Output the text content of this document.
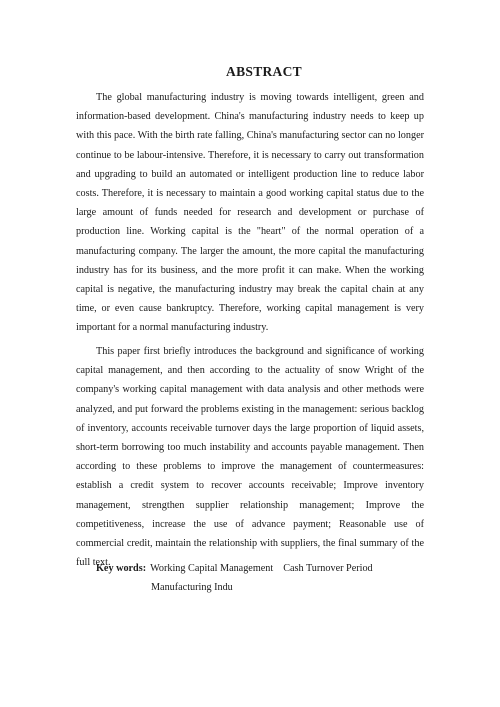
ABSTRACT

The global manufacturing industry is moving towards intelligent, green and information-based development. China's manufacturing industry needs to keep up with this pace. With the birth rate falling, China's manufacturing sector can no longer continue to be labour-intensive. Therefore, it is necessary to carry out transformation and upgrading to build an automated or intelligent production line to reduce labor costs. Therefore, it is necessary to maintain a good working capital status due to the large amount of funds needed for research and development or purchase of production line. Working capital is the "heart" of the normal operation of a manufacturing company. The larger the amount, the more capital the manufacturing industry has for its business, and the more profit it can make. When the working capital is negative, the manufacturing industry may break the capital chain at any time, or even cause bankruptcy. Therefore, working capital management is very important for a normal manufacturing industry.

This paper first briefly introduces the background and significance of working capital management, and then according to the actuality of snow Wright of the company's working capital management with data analysis and other methods were analyzed, and put forward the problems existing in the management: serious backlog of inventory, accounts receivable turnover days the large proportion of liquid assets, short-term borrowing too much instability and accounts payable management. Then according to these problems to improve the management of countermeasures: establish a credit system to recover accounts receivable; Improve inventory management, strengthen supplier relationship management; Improve the competitiveness, increase the use of advance payment; Reasonable use of commercial credit, maintain the relationship with suppliers, the final summary of the full text.

Key words: Working Capital Management Cash Turnover Period
Manufacturing Indu
